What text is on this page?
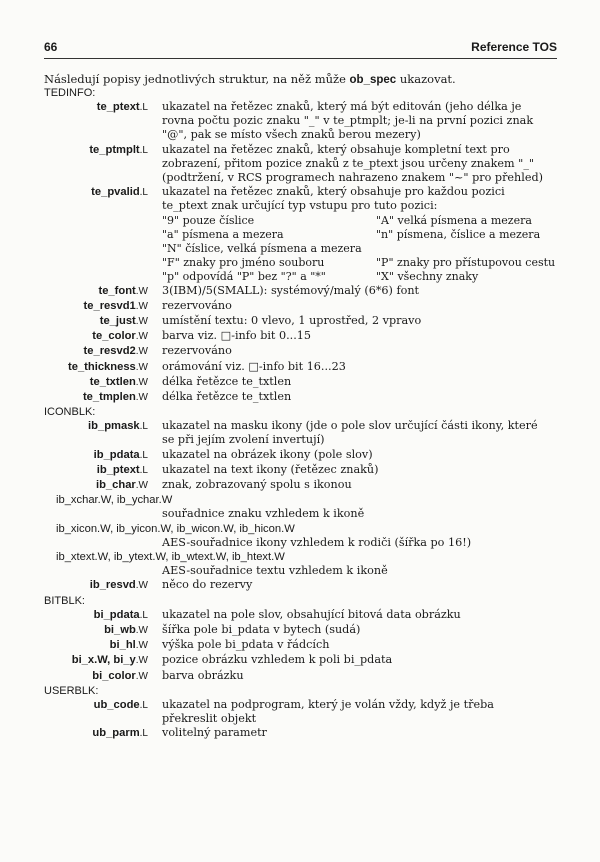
66	Reference TOS
Následují popisy jednotlivých struktur, na něž může ob_spec ukazovat.
TEDINFO:
te_ptext.L ukazatel na řetězec znaků, který má být editován (jeho délka je rovna počtu pozic znaku "_" v te_ptmplt; je-li na první pozici znak "@", pak se místo všech znaků berou mezery)
te_ptmplt.L ukazatel na řetězec znaků, který obsahuje kompletní text pro zobrazení, přitom pozice znaků z te_ptext jsou určeny znakem "_" (podtržení, v RCS programech nahrazeno znakem "~" pro přehled)
te_pvalid.L ukazatel na řetězec znaků, který obsahuje pro každou pozici te_ptext znak určující typ vstupu pro tuto pozici:
"9" pouze číslice	"A" velká písmena a mezera
"a" písmena a mezera	"n" písmena, číslice a mezera
"N" číslice, velká písmena a mezera
"F" znaky pro jméno souboru	"P" znaky pro přístupovou cestu
"p" odpovídá "P" bez "?" a "*"	"X" všechny znaky
te_font.W 3(IBM)/5(SMALL): systémový/malý (6*6) font
te_resvd1.W rezervováno
te_just.W umístění textu: 0 vlevo, 1 uprostřed, 2 vpravo
te_color.W barva viz. □-info bit 0...15
te_resvd2.W rezervováno
te_thickness.W orámování viz. □-info bit 16...23
te_txtlen.W délka řetězce te_txtlen
te_tmplen.W délka řetězce te_txtlen
ICONBLK:
ib_pmask.L ukazatel na masku ikony (jde o pole slov určující části ikony, které se při jejím zvolení invertují)
ib_pdata.L ukazatel na obrázek ikony (pole slov)
ib_ptext.L ukazatel na text ikony (řetězec znaků)
ib_char.W znak, zobrazovaný spolu s ikonou
ib_xchar.W, ib_ychar.W
souřadnice znaku vzhledem k ikoně
ib_xicon.W, ib_yicon.W, ib_wicon.W, ib_hicon.W
AES-souřadnice ikony vzhledem k rodiči (šířka po 16!)
ib_xtext.W, ib_ytext.W, ib_wtext.W, ib_htext.W
AES-souřadnice textu vzhledem k ikoně
ib_resvd.W něco do rezervy
BITBLK:
bi_pdata.L ukazatel na pole slov, obsahující bitová data obrázku
bi_wb.W šířka pole bi_pdata v bytech (sudá)
bi_hl.W výška pole bi_pdata v řádcích
bi_x.W, bi_y.W pozice obrázku vzhledem k poli bi_pdata
bi_color.W barva obrázku
USERBLK:
ub_code.L ukazatel na podprogram, který je volán vždy, když je třeba překreslit objekt
ub_parm.L volitelný parametr
